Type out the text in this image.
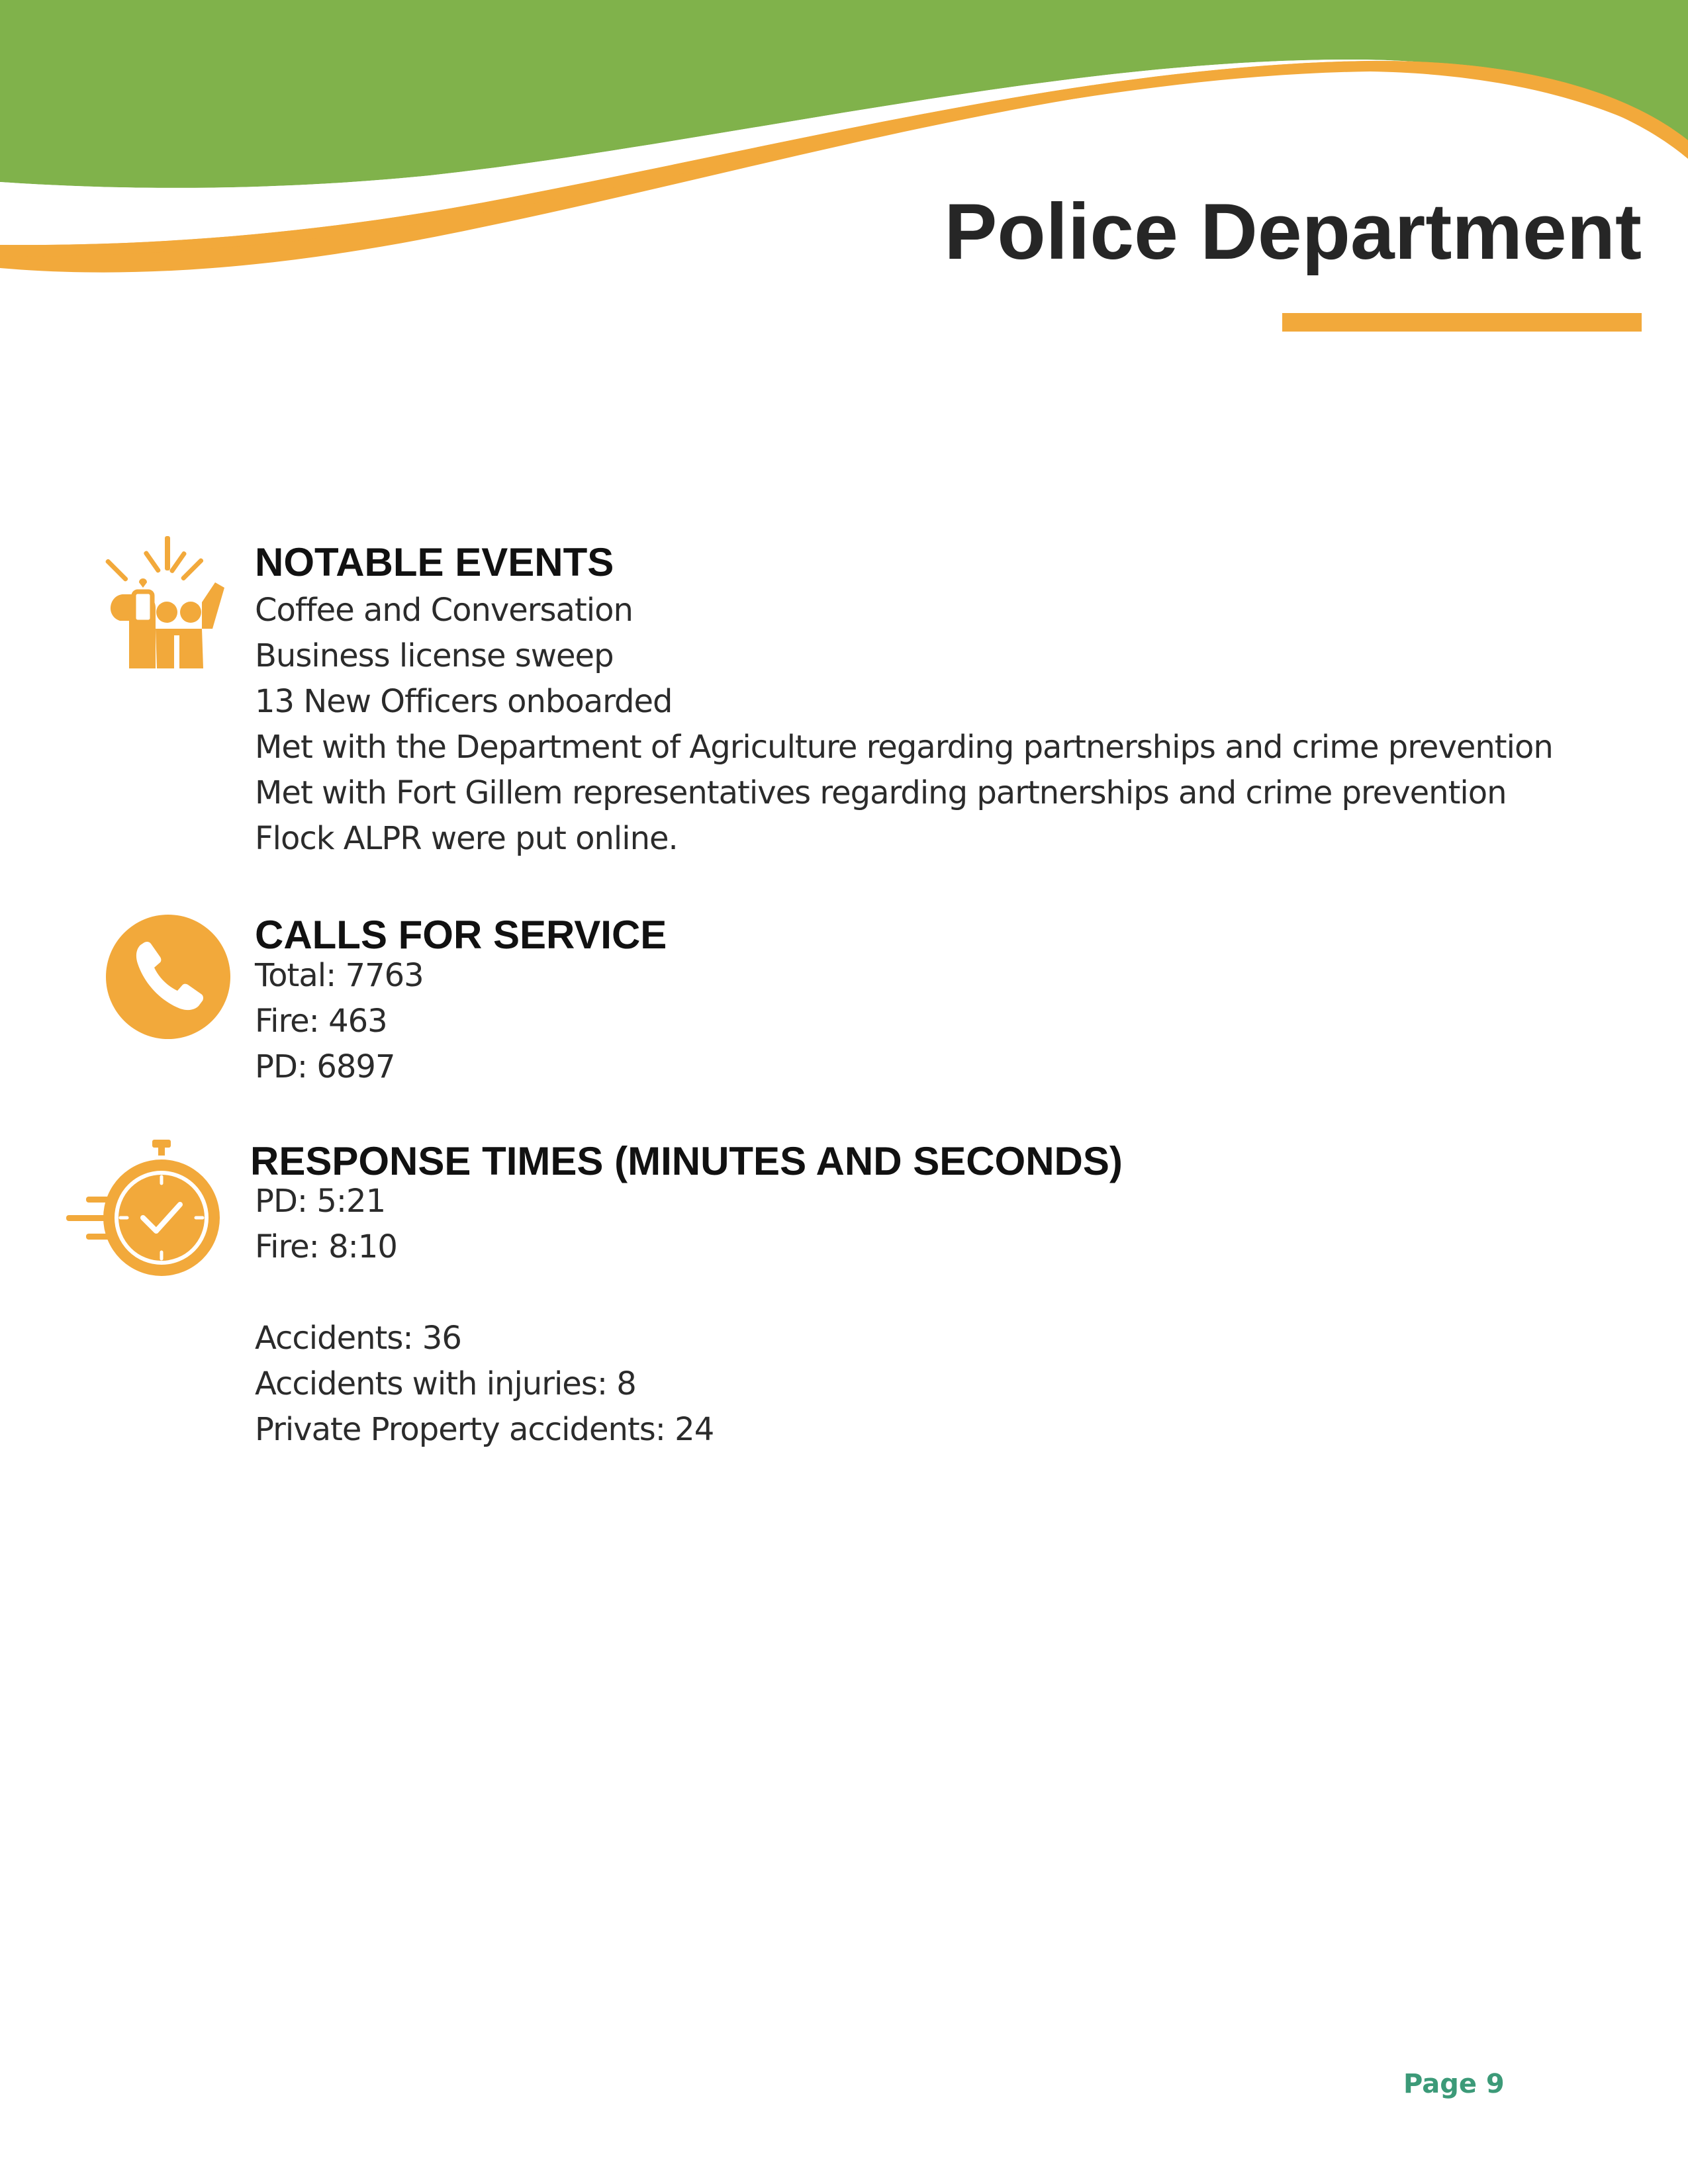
Police Department
NOTABLE EVENTS
Coffee and Conversation
Business license sweep
13 New Officers onboarded
Met with the Department of Agriculture regarding partnerships and crime prevention
Met with Fort Gillem representatives regarding partnerships and crime prevention
Flock ALPR were put online.
CALLS FOR SERVICE
Total: 7763
Fire: 463
PD: 6897
RESPONSE TIMES (MINUTES AND SECONDS)
PD: 5:21
Fire: 8:10
Accidents: 36
Accidents with injuries: 8
Private Property accidents: 24
Page 9
